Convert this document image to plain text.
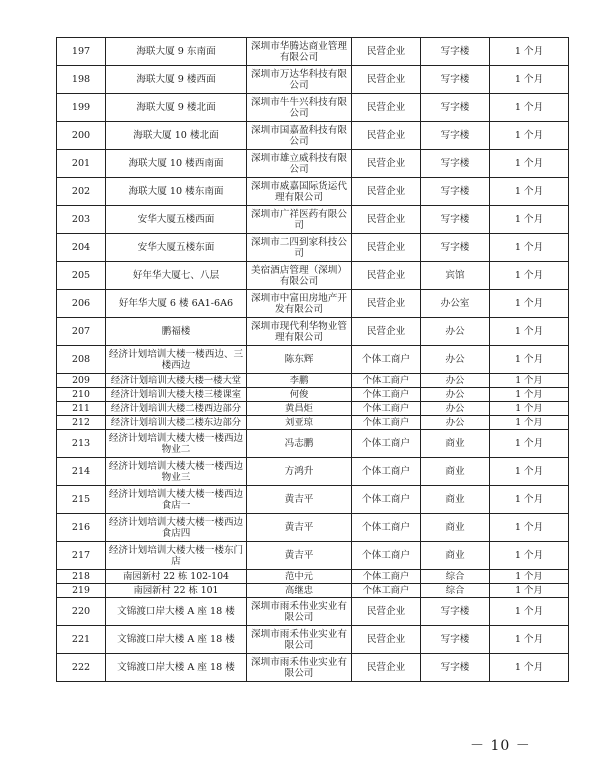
197	海联大厦 9 东南面	深圳市华腾达商业管理有限公司	民营企业	写字楼	1 个月
198	海联大厦 9 楼西面	深圳市万达华科技有限公司	民营企业	写字楼	1 个月
199	海联大厦 9 楼北面	深圳市牛牛兴科技有限公司	民营企业	写字楼	1 个月
200	海联大厦 10 楼北面	深圳市国嘉盈科技有限公司	民营企业	写字楼	1 个月
201	海联大厦 10 楼西南面	深圳市雄立威科技有限公司	民营企业	写字楼	1 个月
202	海联大厦 10 楼东南面	深圳市威嘉国际货运代理有限公司	民营企业	写字楼	1 个月
203	安华大厦五楼西面	深圳市广祥医药有限公司	民营企业	写字楼	1 个月
204	安华大厦五楼东面	深圳市二四到家科技公司	民营企业	写字楼	1 个月
205	好年华大厦七、八层	美宿酒店管理（深圳）有限公司	民营企业	宾馆	1 个月
206	好年华大厦 6 楼 6A1-6A6	深圳市中富田房地产开发有限公司	民营企业	办公室	1 个月
207	鹏福楼	深圳市现代利华物业管理有限公司	民营企业	办公	1 个月
208	经济计划培训大楼一楼西边、三楼西边	陈东辉	个体工商户	办公	1 个月
209	经济计划培训大楼大楼一楼大堂	李鹏	个体工商户	办公	1 个月
210	经济计划培训大楼大楼三楼课室	何俊	个体工商户	办公	1 个月
211	经济计划培训大楼二楼西边部分	黄昌炬	个体工商户	办公	1 个月
212	经济计划培训大楼二楼东边部分	刘亚琼	个体工商户	办公	1 个月
213	经济计划培训大楼大楼一楼西边物业二	冯志鹏	个体工商户	商业	1 个月
214	经济计划培训大楼大楼一楼西边物业三	方鸿升	个体工商户	商业	1 个月
215	经济计划培训大楼大楼一楼西边食店一	黄吉平	个体工商户	商业	1 个月
216	经济计划培训大楼大楼一楼西边食店四	黄吉平	个体工商户	商业	1 个月
217	经济计划培训大楼大楼一楼东门店	黄吉平	个体工商户	商业	1 个月
218	南园新村 22 栋 102-104	范中元	个体工商户	综合	1 个月
219	南园新村 22 栋 101	高继忠	个体工商户	综合	1 个月
220	文锦渡口岸大楼 A 座 18 楼	深圳市雨禾伟业实业有限公司	民营企业	写字楼	1 个月
221	文锦渡口岸大楼 A 座 18 楼	深圳市雨禾伟业实业有限公司	民营企业	写字楼	1 个月
222	文锦渡口岸大楼 A 座 18 楼	深圳市雨禾伟业实业有限公司	民营企业	写字楼	1 个月
－ 10 －
